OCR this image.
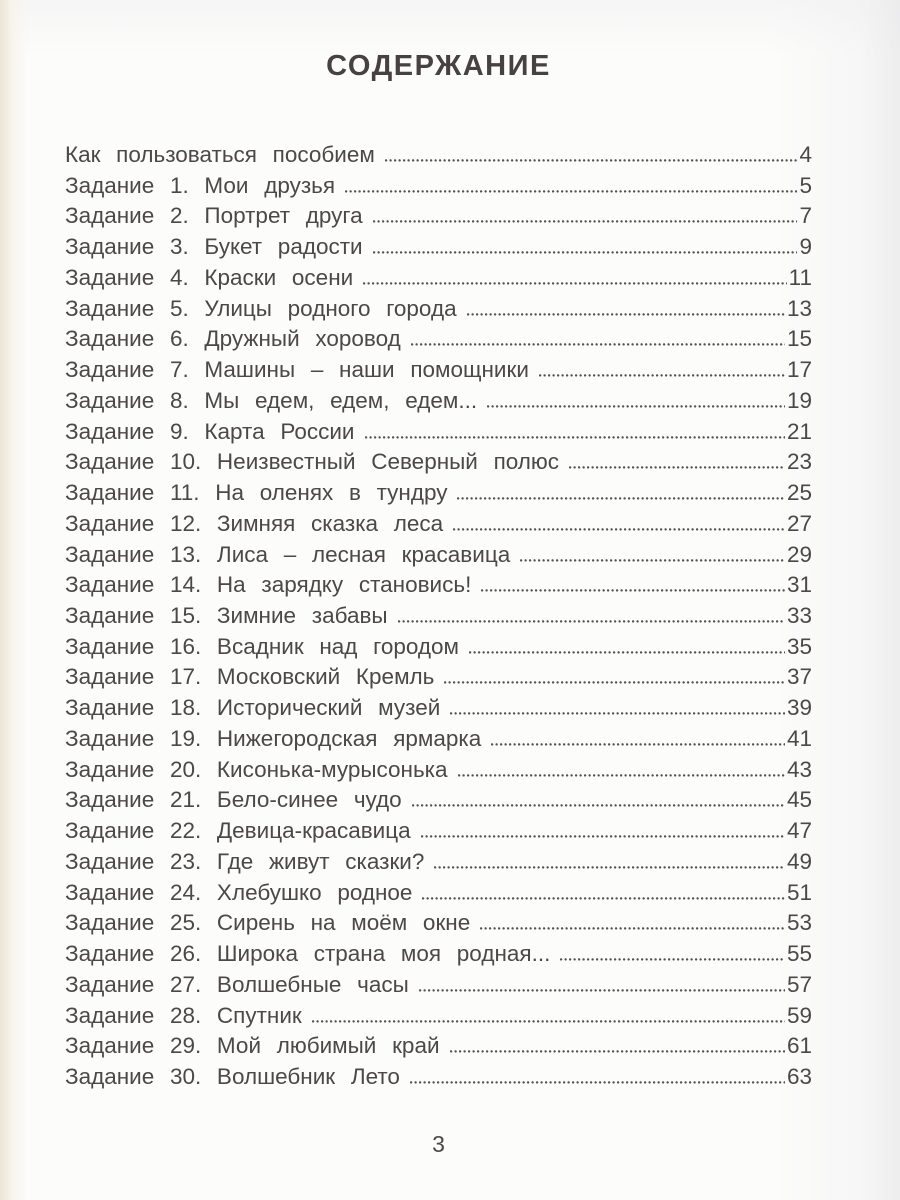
СОДЕРЖАНИЕ
Как пользоваться пособием	4
Задание 1. Мои друзья	5
Задание 2. Портрет друга	7
Задание 3. Букет радости	9
Задание 4. Краски осени	11
Задание 5. Улицы родного города	13
Задание 6. Дружный хоровод	15
Задание 7. Машины – наши помощники	17
Задание 8. Мы едем, едем, едем...	19
Задание 9. Карта России	21
Задание 10. Неизвестный Северный полюс	23
Задание 11. На оленях в тундру	25
Задание 12. Зимняя сказка леса	27
Задание 13. Лиса – лесная красавица	29
Задание 14. На зарядку становись!	31
Задание 15. Зимние забавы	33
Задание 16. Всадник над городом	35
Задание 17. Московский Кремль	37
Задание 18. Исторический музей	39
Задание 19. Нижегородская ярмарка	41
Задание 20. Кисонька-мурысонька	43
Задание 21. Бело-синее чудо	45
Задание 22. Девица-красавица	47
Задание 23. Где живут сказки?	49
Задание 24. Хлебушко родное	51
Задание 25. Сирень на моём окне	53
Задание 26. Широка страна моя родная...	55
Задание 27. Волшебные часы	57
Задание 28. Спутник	59
Задание 29. Мой любимый край	61
Задание 30. Волшебник Лето	63
3
